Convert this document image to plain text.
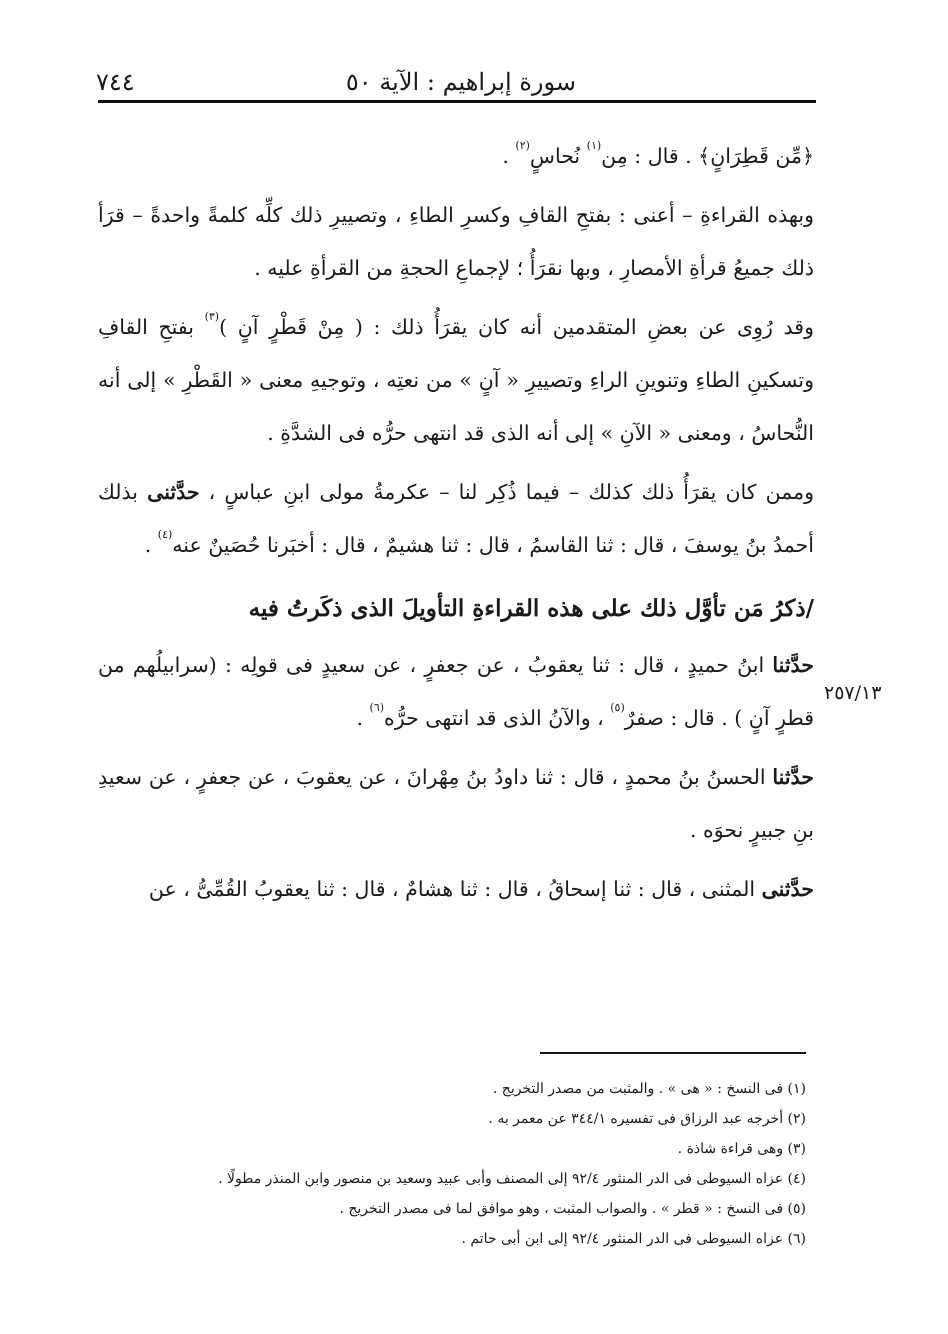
سورة إبراهيم : الآية ٥٠
٧٤٤
٢٥٧/١٣

﴿مِّن قَطِرَانٍ﴾ . قال : مِن$^{(١)}$ نُحاسٍ$^{(٢)}$ .

وبهذه القراءةِ – أعنى : بفتحِ القافِ وكسرِ الطاءِ ، وتصييرِ ذلك كلِّه كلمةً واحدةً – قرَأ ذلك جميعُ قرأةِ الأمصارِ ، وبها نقرَأُ ؛ لإجماعِ الحجةِ من القرأةِ عليه .

وقد رُوِى عن بعضِ المتقدمين أنه كان يقرَأُ ذلك : ( مِنْ قَطْرٍ آنٍ )$^{(٣)}$ بفتحِ القافِ وتسكينِ الطاءِ وتنوينِ الراءِ وتصييرِ « آنٍ » من نعتِه ، وتوجيهِ معنى « القَطْرِ » إلى أنه النُّحاسُ ، ومعنى « الآنِ » إلى أنه الذى قد انتهى حرُّه فى الشدَّةِ .

وممن كان يقرَأُ ذلك كذلك – فيما ذُكِر لنا – عكرمةُ مولى ابنِ عباسٍ ، حدَّثنى بذلك أحمدُ بنُ يوسفَ ، قال : ثنا القاسمُ ، قال : ثنا هشيمٌ ، قال : أخبَرنا حُصَينٌ عنه$^{(٤)}$ .

/ذكرُ مَن تأوَّل ذلك على هذه القراءةِ التأويلَ الذى ذكَرتُ فيه

حدَّثنا ابنُ حميدٍ ، قال : ثنا يعقوبُ ، عن جعفرٍ ، عن سعيدٍ فى قولِه : (سرابيلُهم من قطرٍ آنٍ ) . قال : صفرٌ$^{(٥)}$ ، والآنُ الذى قد انتهى حرُّه$^{(٦)}$ .

حدَّثنا الحسنُ بنُ محمدٍ ، قال : ثنا داودُ بنُ مِهْرانَ ، عن يعقوبَ ، عن جعفرٍ ، عن سعيدِ بنِ جبيرٍ نحوَه .

حدَّثنى المثنى ، قال : ثنا إسحاقُ ، قال : ثنا هشامٌ ، قال : ثنا يعقوبُ القُمِّىُّ ، عن

(١) فى النسخ : « هى » . والمثبت من مصدر التخريج .
(٢) أخرجه عبد الرزاق فى تفسيره ٣٤٤/١ عن معمر به .
(٣) وهى قراءة شاذة .
(٤) عزاه السيوطى فى الدر المنثور ٩٢/٤ إلى المصنف وأبى عبيد وسعيد بن منصور وابن المنذر مطولًا .
(٥) فى النسخ : « قطر » . والصواب المثبت ، وهو موافق لما فى مصدر التخريج .
(٦) عزاه السيوطى فى الدر المنثور ٩٢/٤ إلى ابن أبى حاتم .
